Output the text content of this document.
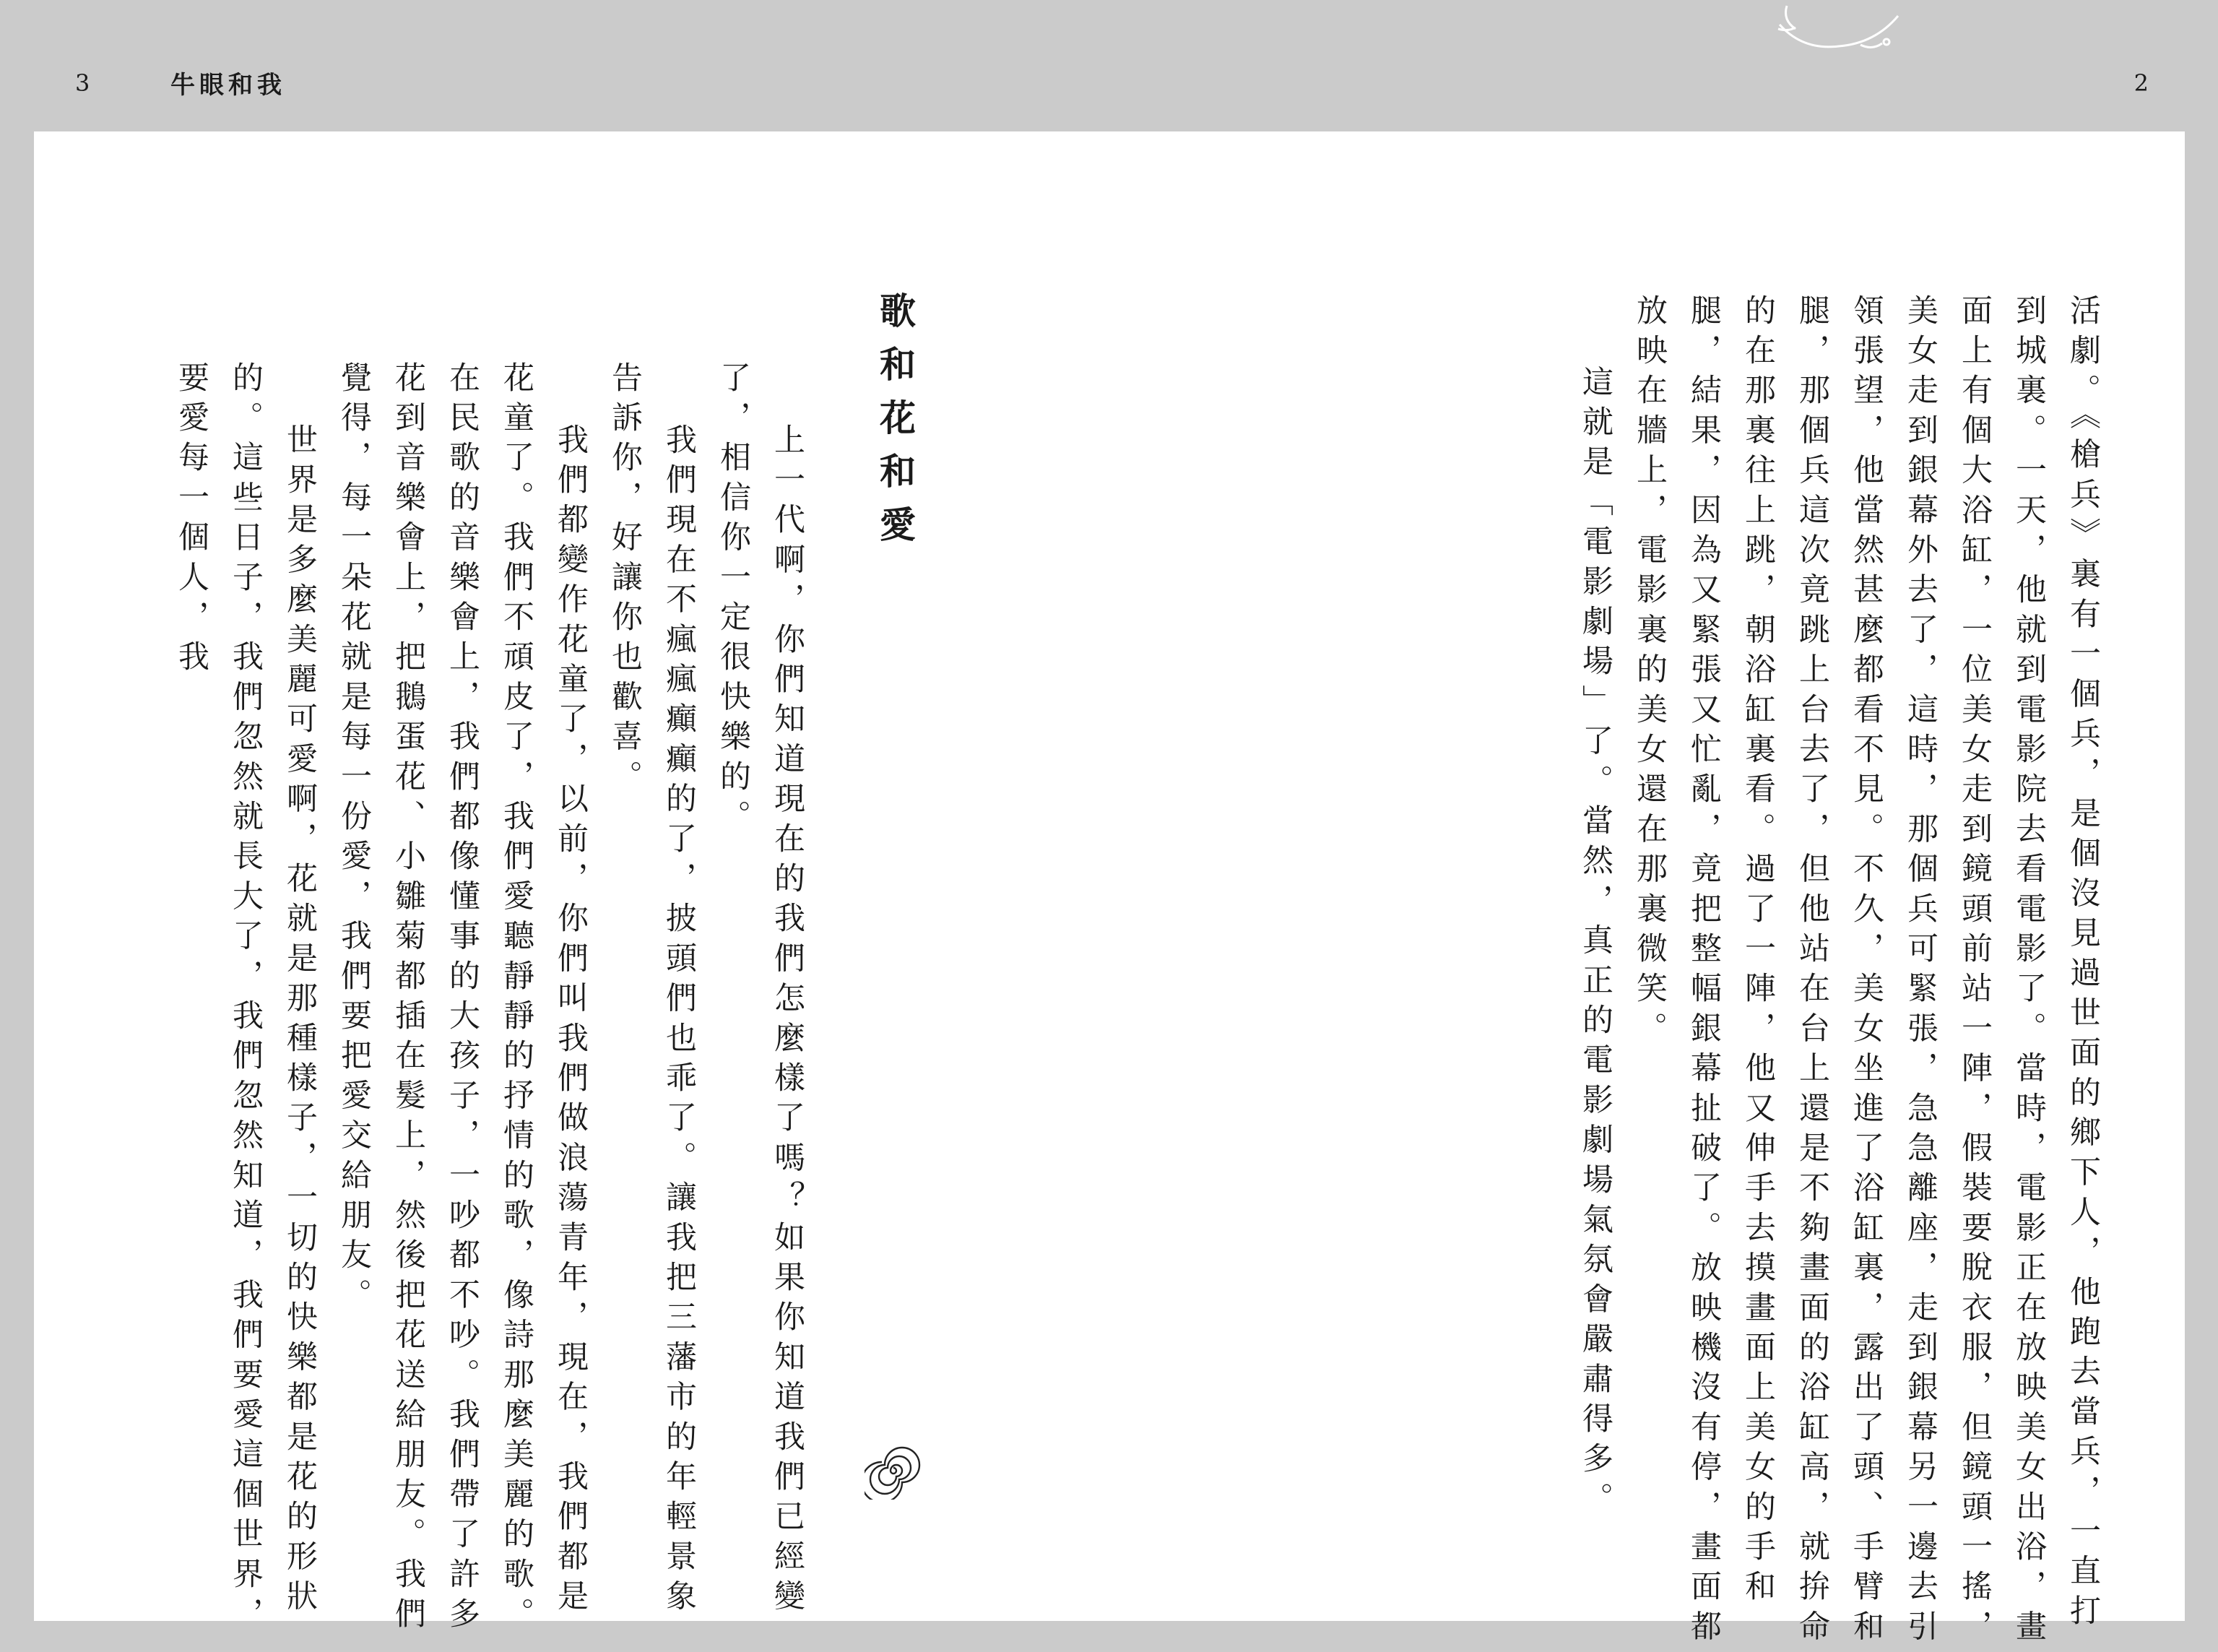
3	牛眼和我	2

活劇。《槍兵》裏有一個兵，是個沒見過世面的鄉下人，他跑去當兵，一直打到城裏。一天，他就到電影院去看電影了。當時，電影正在放映美女出浴，畫面上有個大浴缸，一位美女走到鏡頭前站一陣，假裝要脫衣服，但鏡頭一搖，美女走到銀幕外去了，這時，那個兵可緊張，急急離座，走到銀幕另一邊去引領張望，他當然甚麼都看不見。不久，美女坐進了浴缸裏，露出了頭、手臂和腿，那個兵這次竟跳上台去了，但他站在台上還是不夠畫面的浴缸高，就拚命的在那裏往上跳，朝浴缸裏看。過了一陣，他又伸手去摸畫面上美女的手和腿，結果，因為又緊張又忙亂，竟把整幅銀幕扯破了。放映機沒有停，畫面都放映在牆上，電影裏的美女還在那裏微笑。

這就是「電影劇場」了。當然，真正的電影劇場氣氛會嚴肅得多。

歌和花和愛

上一代啊，你們知道現在的我們怎麼樣了嗎？如果你知道我們已經變了，相信你一定很快樂的。

我們現在不瘋瘋癲癲的了，披頭們也乖了。讓我把三藩市的年輕景象告訴你，好讓你也歡喜。

我們都變作花童了，以前，你們叫我們做浪蕩青年，現在，我們都是花童了。我們不頑皮了，我們愛聽靜靜的抒情的歌，像詩那麼美麗的歌。在民歌的音樂會上，我們都像懂事的大孩子，一吵都不吵。我們帶了許多花到音樂會上，把鵝蛋花、小雛菊都插在髮上，然後把花送給朋友。我們覺得，每一朵花就是每一份愛，我們要把愛交給朋友。

世界是多麼美麗可愛啊，花就是那種樣子，一切的快樂都是花的形狀的。這些日子，我們忽然就長大了，我們忽然知道，我們要愛這個世界，要愛每一個人，我
